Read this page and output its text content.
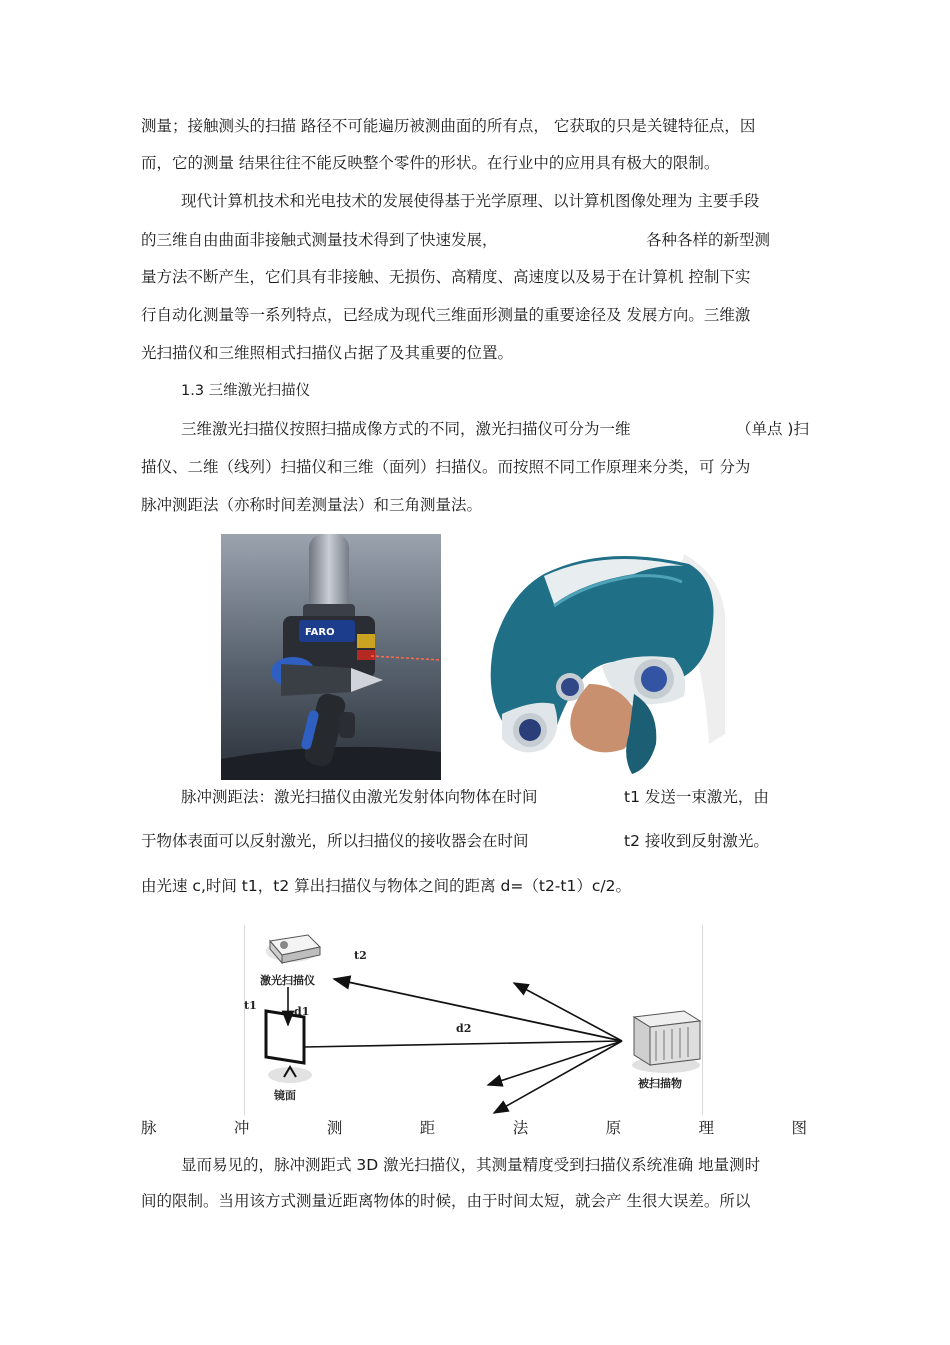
测量；接触测头的扫描 路径不可能遍历被测曲面的所有点， 它获取的只是关键特征点，因
而，它的测量 结果往往不能反映整个零件的形状。在行业中的应用具有极大的限制。
现代计算机技术和光电技术的发展使得基于光学原理、以计算机图像处理为 主要手段
的三维自由曲面非接触式测量技术得到了快速发展，	各种各样的新型测
量方法不断产生，它们具有非接触、无损伤、高精度、高速度以及易于在计算机 控制下实
行自动化测量等一系列特点，已经成为现代三维面形测量的重要途径及 发展方向。三维激
光扫描仪和三维照相式扫描仪占据了及其重要的位置。
1.3 三维激光扫描仪
三维激光扫描仪按照扫描成像方式的不同，激光扫描仪可分为一维	（单点 )扫
描仪、二维（线列）扫描仪和三维（面列）扫描仪。而按照不同工作原理来分类，可 分为
脉冲测距法（亦称时间差测量法）和三角测量法。
FARO
脉冲测距法：激光扫描仪由激光发射体向物体在时间	t1 发送一束激光，由
于物体表面可以反射激光，所以扫描仪的接收器会在时间	t2 接收到反射激光。
由光速 c,时间 t1，t2 算出扫描仪与物体之间的距离 d=（t2-t1）c/2。
激光扫描仪
t2
t1	d1
d2
镜面
被扫描物
脉	冲	测	距	法	原	理	图
显而易见的，脉冲测距式 3D 激光扫描仪，其测量精度受到扫描仪系统准确 地量测时
间的限制。当用该方式测量近距离物体的时候，由于时间太短，就会产 生很大误差。所以
